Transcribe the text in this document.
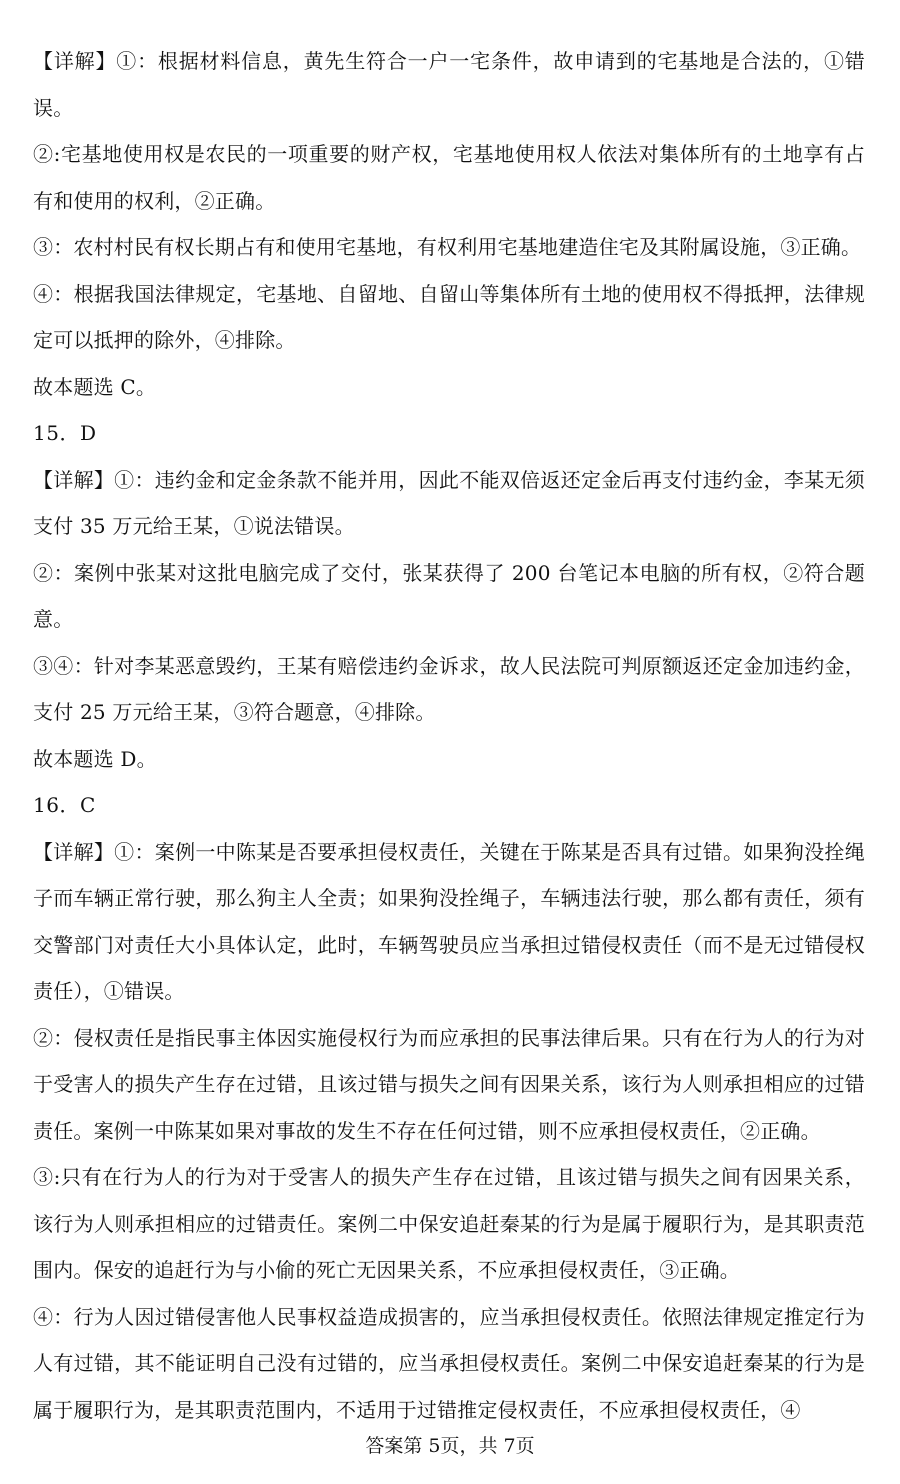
【详解】①：根据材料信息，黄先生符合一户一宅条件，故申请到的宅基地是合法的，①错误。

②:宅基地使用权是农民的一项重要的财产权，宅基地使用权人依法对集体所有的土地享有占有和使用的权利，②正确。

③：农村村民有权长期占有和使用宅基地，有权利用宅基地建造住宅及其附属设施，③正确。

④：根据我国法律规定，宅基地、自留地、自留山等集体所有土地的使用权不得抵押，法律规定可以抵押的除外，④排除。

故本题选 C。

15．D

【详解】①：违约金和定金条款不能并用，因此不能双倍返还定金后再支付违约金，李某无须支付 35 万元给王某，①说法错误。

②：案例中张某对这批电脑完成了交付，张某获得了 200 台笔记本电脑的所有权，②符合题意。

③④：针对李某恶意毁约，王某有赔偿违约金诉求，故人民法院可判原额返还定金加违约金，支付 25 万元给王某，③符合题意，④排除。

故本题选 D。

16．C

【详解】①：案例一中陈某是否要承担侵权责任，关键在于陈某是否具有过错。如果狗没拴绳子而车辆正常行驶，那么狗主人全责；如果狗没拴绳子，车辆违法行驶，那么都有责任，须有交警部门对责任大小具体认定，此时，车辆驾驶员应当承担过错侵权责任（而不是无过错侵权责任），①错误。

②：侵权责任是指民事主体因实施侵权行为而应承担的民事法律后果。只有在行为人的行为对于受害人的损失产生存在过错，且该过错与损失之间有因果关系，该行为人则承担相应的过错责任。案例一中陈某如果对事故的发生不存在任何过错，则不应承担侵权责任，②正确。

③:只有在行为人的行为对于受害人的损失产生存在过错，且该过错与损失之间有因果关系，该行为人则承担相应的过错责任。案例二中保安追赶秦某的行为是属于履职行为，是其职责范围内。保安的追赶行为与小偷的死亡无因果关系，不应承担侵权责任，③正确。

④：行为人因过错侵害他人民事权益造成损害的，应当承担侵权责任。依照法律规定推定行为人有过错，其不能证明自己没有过错的，应当承担侵权责任。案例二中保安追赶秦某的行为是属于履职行为，是其职责范围内，不适用于过错推定侵权责任，不应承担侵权责任，④

答案第 5页，共 7页
